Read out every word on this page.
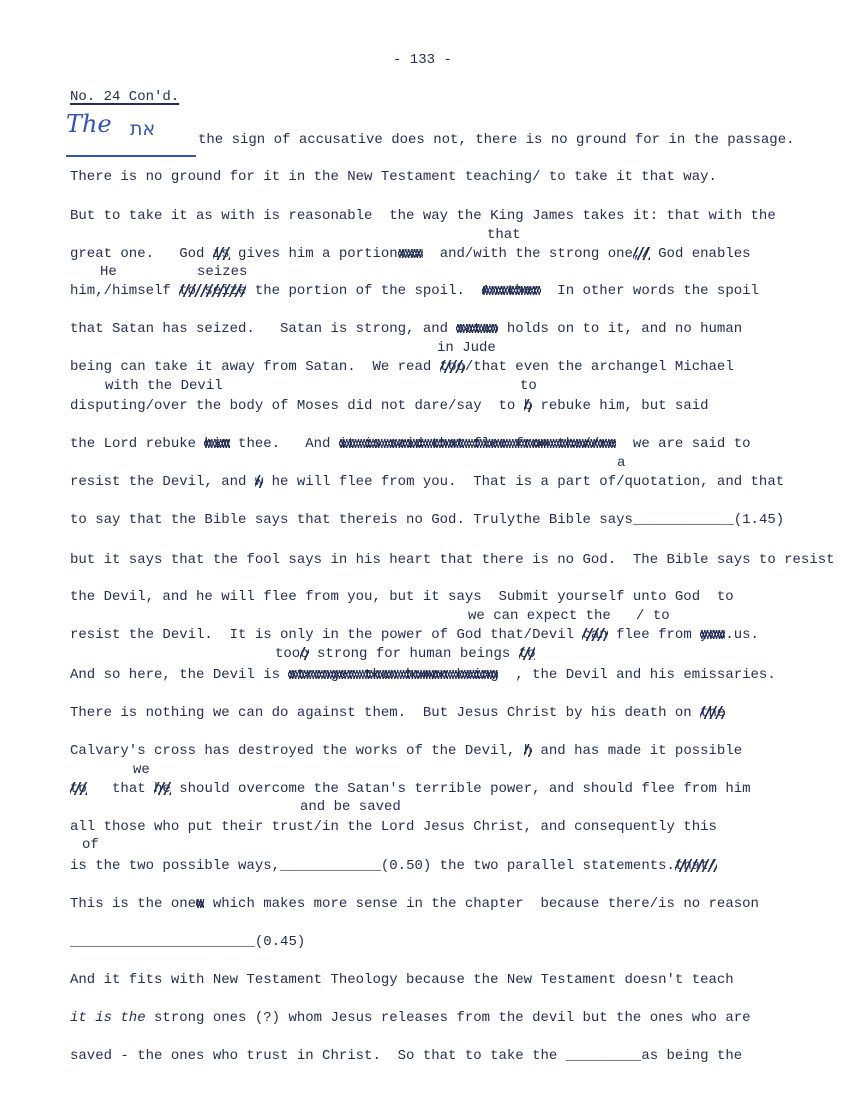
- 133 -
No. 24 Con'd.
The את	the sign of accusative does not, there is no ground for in the passage.
There is no ground for it in the New Testament teaching/ to take it that way.
But to take it as with is reasonable  the way the King James takes it: that with the
that
great one.   God is gives him a portionxxx  and/with the strong one,/ God enables
He	seizes
him,/himself to seize the portion of the spoil.  Another  In other words the spoil
that Satan has seized.   Satan is strong, and satan holds on to it, and no human
in Jude
being can take it away from Satan.  We read too/that even the archangel Michael
with the Devil	to
disputing/over the body of Moses did not dare/say  to b rebuke him, but said
the Lord rebuke him thee.   And it is said that flee from the//xe  we are said to
a
resist the Devil, and w he will flee from you.  That is a part of/quotation, and that
to say that the Bible says that thereis no God. Trulythe Bible says____________(1.45)
but it says that the fool says in his heart that there is no God.  The Bible says to resist
the Devil, and he will flee from you, but it says  Submit yourself unto God  to
we can expect the   / to
resist the Devil.  It is only in the power of God that/Devil can flee from you.us.
tooo strong for human beings to
And so here, the Devil is stronger than human being  , the Devil and his emissaries.
There is nothing we can do against them.  But Jesus Christ by his death on the
Calvary's cross has destroyed the works of the Devil, h and has made it possible
we
to   that he should overcome the Satan's terrible power, and should flee from him
and be saved
all those who put their trust/in the Lord Jesus Christ, and consequently this
of
is the two possible ways,____________(0.50) the two parallel statements.that/
This is the onew which makes more sense in the chapter  because there/is no reason
______________________(0.45)
And it fits with New Testament Theology because the New Testament doesn't teach
it is the strong ones (?) whom Jesus releases from the devil but the ones who are
saved - the ones who trust in Christ.  So that to take the _________as being the
